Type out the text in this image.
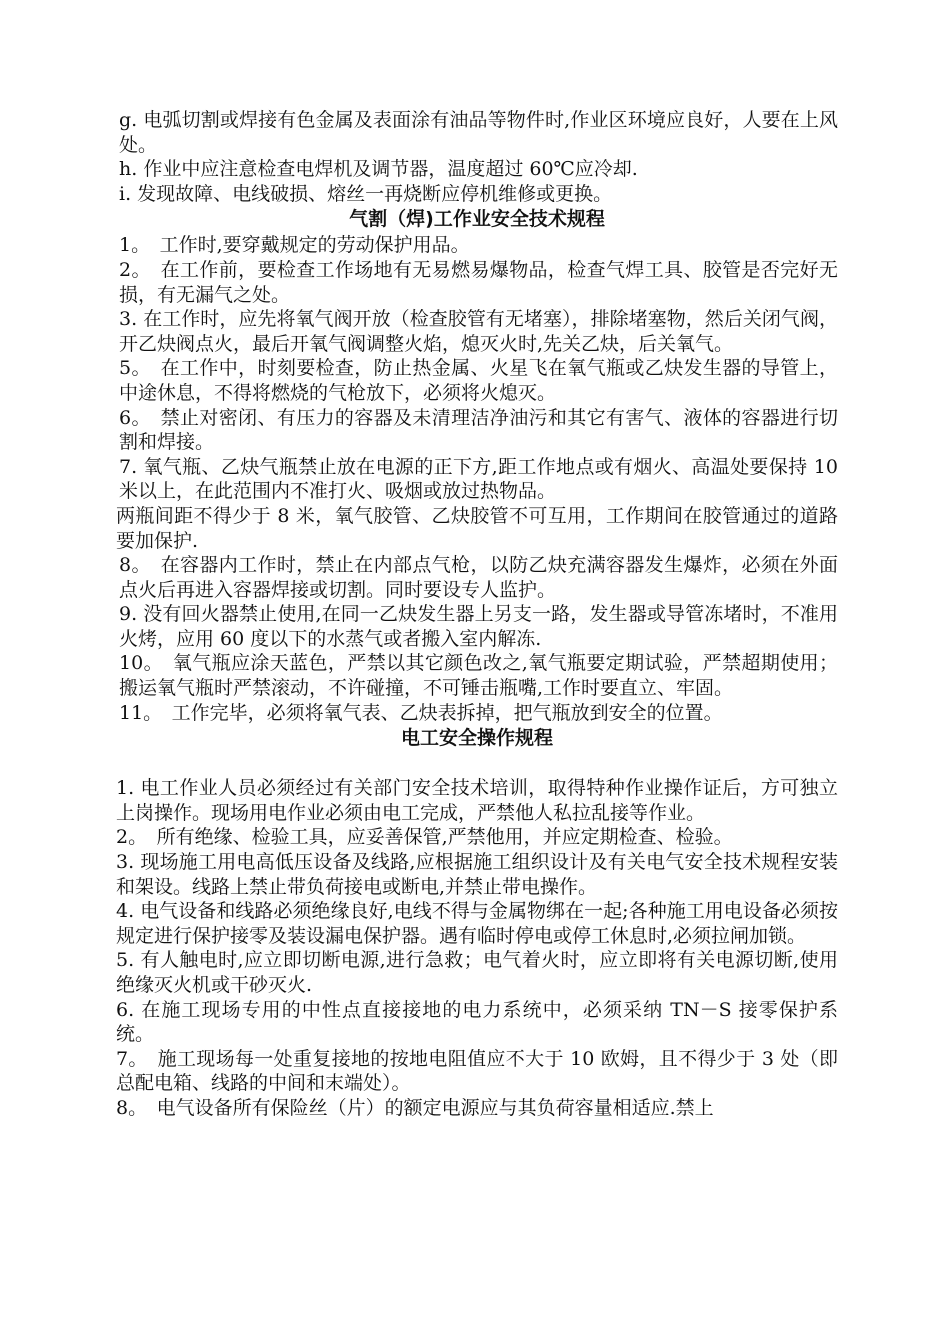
g. 电弧切割或焊接有色金属及表面涂有油品等物件时,作业区环境应良好，人要在上风处。

h. 作业中应注意检查电焊机及调节器，温度超过 60℃应冷却.

i. 发现故障、电线破损、熔丝一再烧断应停机维修或更换。

气割（焊)工作业安全技术规程

1。　工作时,要穿戴规定的劳动保护用品。

2。　在工作前，要检查工作场地有无易燃易爆物品，检查气焊工具、胶管是否完好无损，有无漏气之处。

3. 在工作时，应先将氧气阀开放（检查胶管有无堵塞），排除堵塞物，然后关闭气阀，开乙炔阀点火，最后开氧气阀调整火焰，熄灭火时,先关乙炔，后关氧气。

5。　在工作中，时刻要检查，防止热金属、火星飞在氧气瓶或乙炔发生器的导管上，中途休息，不得将燃烧的气枪放下，必须将火熄灭。

6。　禁止对密闭、有压力的容器及未清理洁净油污和其它有害气、液体的容器进行切割和焊接。

7. 氧气瓶、乙炔气瓶禁止放在电源的正下方,距工作地点或有烟火、高温处要保持 10 米以上，在此范围内不准打火、吸烟或放过热物品。

两瓶间距不得少于 8 米，氧气胶管、乙炔胶管不可互用，工作期间在胶管通过的道路要加保护.

8。　在容器内工作时，禁止在内部点气枪，以防乙炔充满容器发生爆炸，必须在外面点火后再进入容器焊接或切割。同时要设专人监护。

9. 没有回火器禁止使用,在同一乙炔发生器上另支一路，发生器或导管冻堵时，不准用火烤，应用 60 度以下的水蒸气或者搬入室内解冻.

10。　氧气瓶应涂天蓝色，严禁以其它颜色改之,氧气瓶要定期试验，严禁超期使用；搬运氧气瓶时严禁滚动，不许碰撞，不可锤击瓶嘴,工作时要直立、牢固。

11。　工作完毕，必须将氧气表、乙炔表拆掉，把气瓶放到安全的位置。

电工安全操作规程

1. 电工作业人员必须经过有关部门安全技术培训，取得特种作业操作证后，方可独立上岗操作。现场用电作业必须由电工完成，严禁他人私拉乱接等作业。

2。　所有绝缘、检验工具，应妥善保管,严禁他用，并应定期检查、检验。

3. 现场施工用电高低压设备及线路,应根据施工组织设计及有关电气安全技术规程安装和架设。线路上禁止带负荷接电或断电,并禁止带电操作。

4. 电气设备和线路必须绝缘良好,电线不得与金属物绑在一起;各种施工用电设备必须按规定进行保护接零及装设漏电保护器。遇有临时停电或停工休息时,必须拉闸加锁。

5. 有人触电时,应立即切断电源,进行急救；电气着火时，应立即将有关电源切断,使用绝缘灭火机或干砂灭火.

6. 在施工现场专用的中性点直接接地的电力系统中，必须采纳 TN－S 接零保护系统。

7。　施工现场每一处重复接地的按地电阻值应不大于 10 欧姆，且不得少于 3 处（即总配电箱、线路的中间和末端处）。

8。　电气设备所有保险丝（片）的额定电源应与其负荷容量相适应.禁上
